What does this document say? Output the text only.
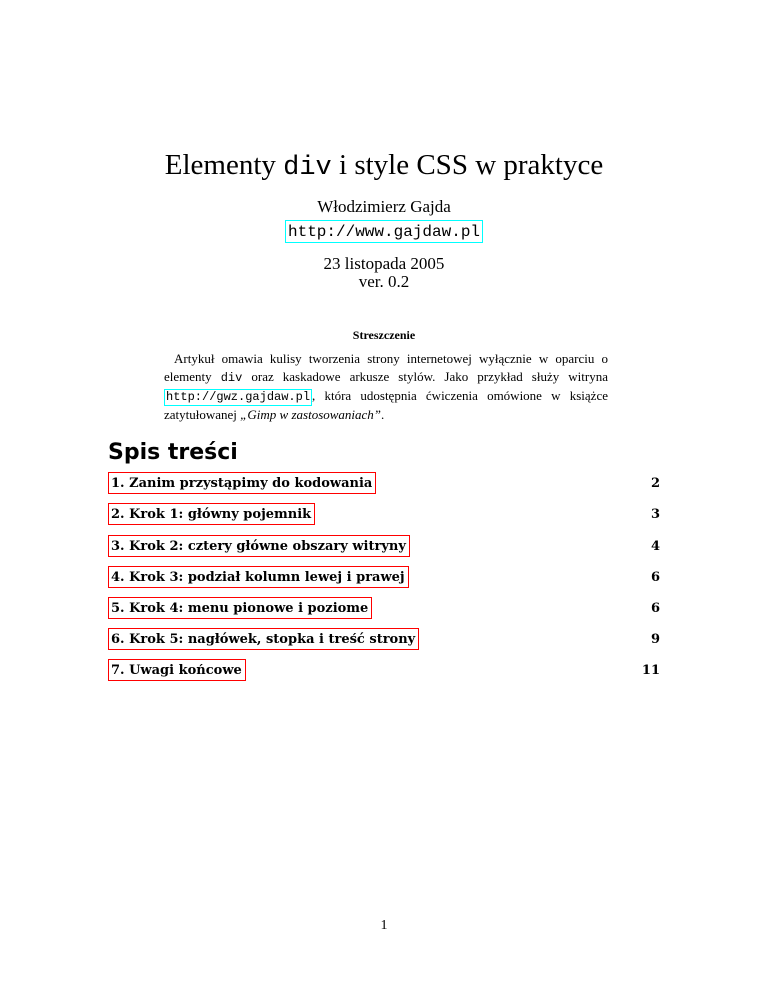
Elementy div i style CSS w praktyce
Włodzimierz Gajda
http://www.gajdaw.pl
23 listopada 2005
ver. 0.2
Streszczenie
Artykuł omawia kulisy tworzenia strony internetowej wyłącznie w oparciu o elementy div oraz kaskadowe arkusze stylów. Jako przykład służy witryna http://gwz.gajdaw.pl , która udostępnia ćwiczenia omówione w książce zatytułowanej „Gimp w zastosowaniach”.
Spis treści
1. Zanim przystąpimy do kodowania	2
2. Krok 1: główny pojemnik	3
3. Krok 2: cztery główne obszary witryny	4
4. Krok 3: podział kolumn lewej i prawej	6
5. Krok 4: menu pionowe i poziome	6
6. Krok 5: nagłówek, stopka i treść strony	9
7. Uwagi końcowe	11
1
